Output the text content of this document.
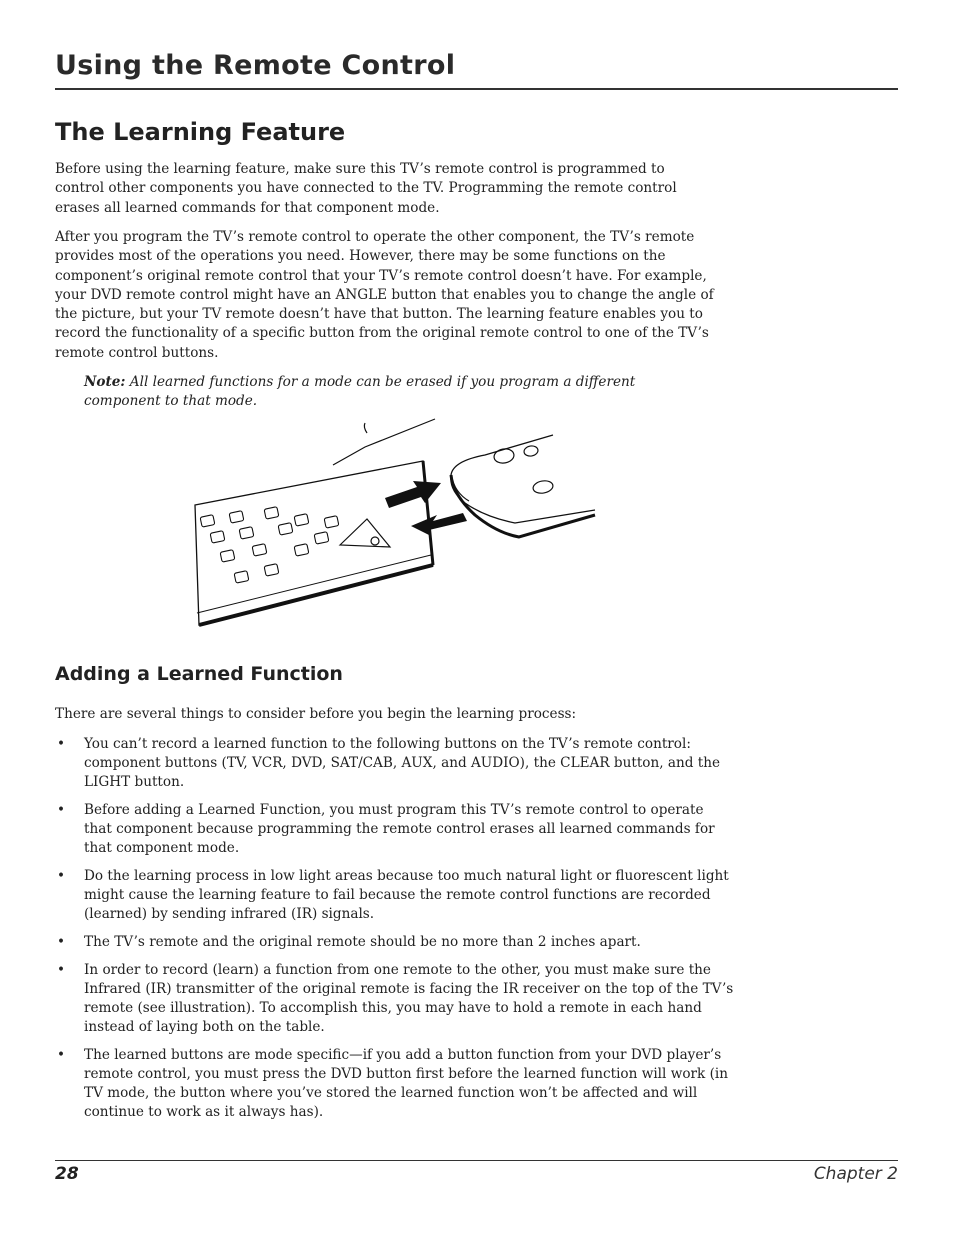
Using the Remote Control
The Learning Feature

Before using the learning feature, make sure this TV’s remote control is programmed to control other components you have connected to the TV. Programming the remote control erases all learned commands for that component mode.

After you program the TV’s remote control to operate the other component, the TV’s remote provides most of the operations you need. However, there may be some functions on the component’s original remote control that your TV’s remote control doesn’t have. For example, your DVD remote control might have an ANGLE button that enables you to change the angle of the picture, but your TV remote doesn’t have that button. The learning feature enables you to record the functionality of a specific button from the original remote control to one of the TV’s remote control buttons.

Note: All learned functions for a mode can be erased if you program a different component to that mode.

Adding a Learned Function

There are several things to consider before you begin the learning process:

• You can’t record a learned function to the following buttons on the TV’s remote control: component buttons (TV, VCR, DVD, SAT/CAB, AUX, and AUDIO), the CLEAR button, and the LIGHT button.
• Before adding a Learned Function, you must program this TV’s remote control to operate that component because programming the remote control erases all learned commands for that component mode.
• Do the learning process in low light areas because too much natural light or fluorescent light might cause the learning feature to fail because the remote control functions are recorded (learned) by sending infrared (IR) signals.
• The TV’s remote and the original remote should be no more than 2 inches apart.
• In order to record (learn) a function from one remote to the other, you must make sure the Infrared (IR) transmitter of the original remote is facing the IR receiver on the top of the TV’s remote (see illustration). To accomplish this, you may have to hold a remote in each hand instead of laying both on the table.
• The learned buttons are mode specific—if you add a button function from your DVD player’s remote control, you must press the DVD button first before the learned function will work (in TV mode, the button where you’ve stored the learned function won’t be affected and will continue to work as it always has).
28	Chapter 2
